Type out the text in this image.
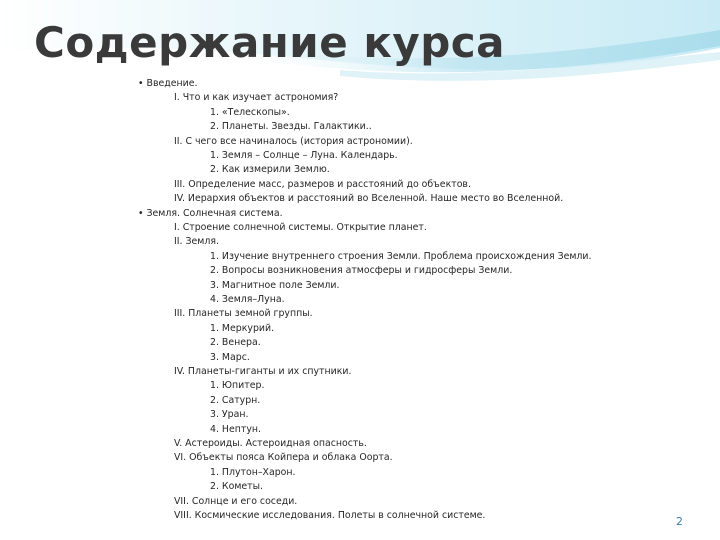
Содержание курса
• Введение.
I. Что и как изучает астрономия?
1. «Телескопы».
2. Планеты. Звезды. Галактики..
II. С чего все начиналось (история астрономии).
1. Земля – Солнце – Луна. Календарь.
2. Как измерили Землю.
III. Определение масс, размеров и расстояний до объектов.
IV. Иерархия объектов и расстояний во Вселенной. Наше место во Вселенной.
• Земля. Солнечная система.
I. Строение солнечной системы. Открытие планет.
II. Земля.
1. Изучение внутреннего строения Земли. Проблема происхождения Земли.
2. Вопросы возникновения атмосферы и гидросферы Земли.
3. Магнитное поле Земли.
4. Земля–Луна.
III. Планеты земной группы.
1. Меркурий.
2. Венера.
3. Марс.
IV. Планеты-гиганты и их спутники.
1. Юпитер.
2. Сатурн.
3. Уран.
4. Нептун.
V. Астероиды. Астероидная опасность.
VI. Объекты пояса Койпера и облака Оорта.
1. Плутон–Харон.
2. Кометы.
VII. Солнце и его соседи.
VIII. Космические исследования. Полеты в солнечной системе.	2
